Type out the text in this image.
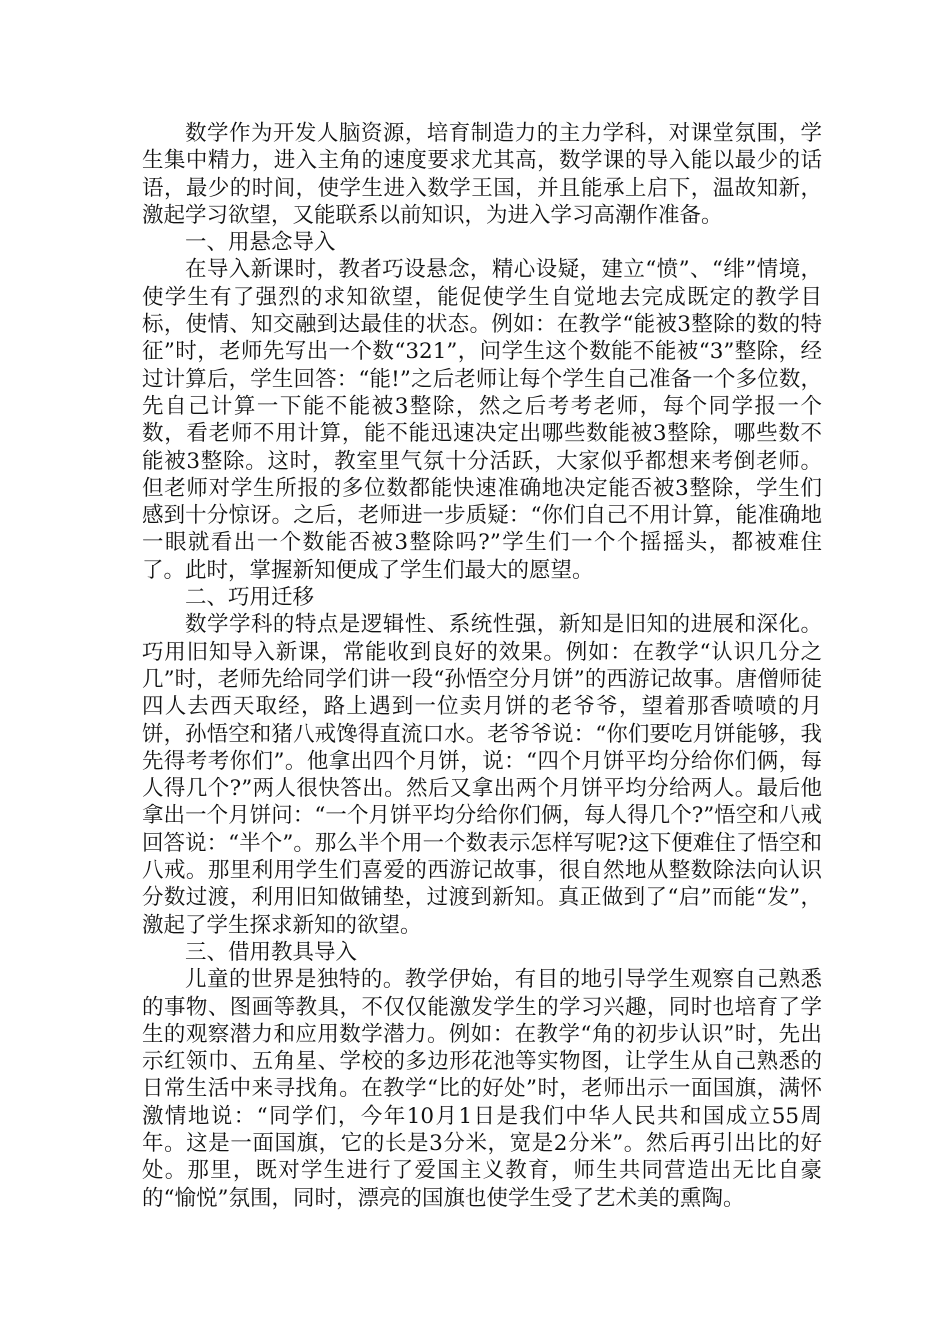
数学作为开发人脑资源，培育制造力的主力学科，对课堂氛围，学生集中精力，进入主角的速度要求尤其高，数学课的导入能以最少的话语，最少的时间，使学生进入数学王国，并且能承上启下，温故知新，激起学习欲望，又能联系以前知识，为进入学习高潮作准备。

一、用悬念导入

在导入新课时，教者巧设悬念，精心设疑，建立“愤”、“绯”情境，使学生有了强烈的求知欲望，能促使学生自觉地去完成既定的教学目标，使情、知交融到达最佳的状态。例如：在教学“能被3整除的数的特征”时，老师先写出一个数“321”，问学生这个数能不能被“3”整除，经过计算后，学生回答：“能!”之后老师让每个学生自己准备一个多位数，先自己计算一下能不能被3整除，然之后考考老师，每个同学报一个数，看老师不用计算，能不能迅速决定出哪些数能被3整除，哪些数不能被3整除。这时，教室里气氛十分活跃，大家似乎都想来考倒老师。但老师对学生所报的多位数都能快速准确地决定能否被3整除，学生们感到十分惊讶。之后，老师进一步质疑：“你们自己不用计算，能准确地一眼就看出一个数能否被3整除吗?”学生们一个个摇摇头，都被难住了。此时，掌握新知便成了学生们最大的愿望。

二、巧用迁移

数学学科的特点是逻辑性、系统性强，新知是旧知的进展和深化。巧用旧知导入新课，常能收到良好的效果。例如：在教学“认识几分之几”时，老师先给同学们讲一段“孙悟空分月饼”的西游记故事。唐僧师徒四人去西天取经，路上遇到一位卖月饼的老爷爷，望着那香喷喷的月饼，孙悟空和猪八戒馋得直流口水。老爷爷说：“你们要吃月饼能够，我先得考考你们”。他拿出四个月饼，说：“四个月饼平均分给你们俩，每人得几个?”两人很快答出。然后又拿出两个月饼平均分给两人。最后他拿出一个月饼问：“一个月饼平均分给你们俩，每人得几个?”悟空和八戒回答说：“半个”。那么半个用一个数表示怎样写呢?这下便难住了悟空和八戒。那里利用学生们喜爱的西游记故事，很自然地从整数除法向认识分数过渡，利用旧知做铺垫，过渡到新知。真正做到了“启”而能“发”，激起了学生探求新知的欲望。

三、借用教具导入

儿童的世界是独特的。教学伊始，有目的地引导学生观察自己熟悉的事物、图画等教具，不仅仅能激发学生的学习兴趣，同时也培育了学生的观察潜力和应用数学潜力。例如：在教学“角的初步认识”时，先出示红领巾、五角星、学校的多边形花池等实物图，让学生从自己熟悉的日常生活中来寻找角。在教学“比的好处”时，老师出示一面国旗，满怀激情地说：“同学们，今年10月1日是我们中华人民共和国成立55周年。这是一面国旗，它的长是3分米，宽是2分米”。然后再引出比的好处。那里，既对学生进行了爱国主义教育，师生共同营造出无比自豪的“愉悦”氛围，同时，漂亮的国旗也使学生受了艺术美的熏陶。
